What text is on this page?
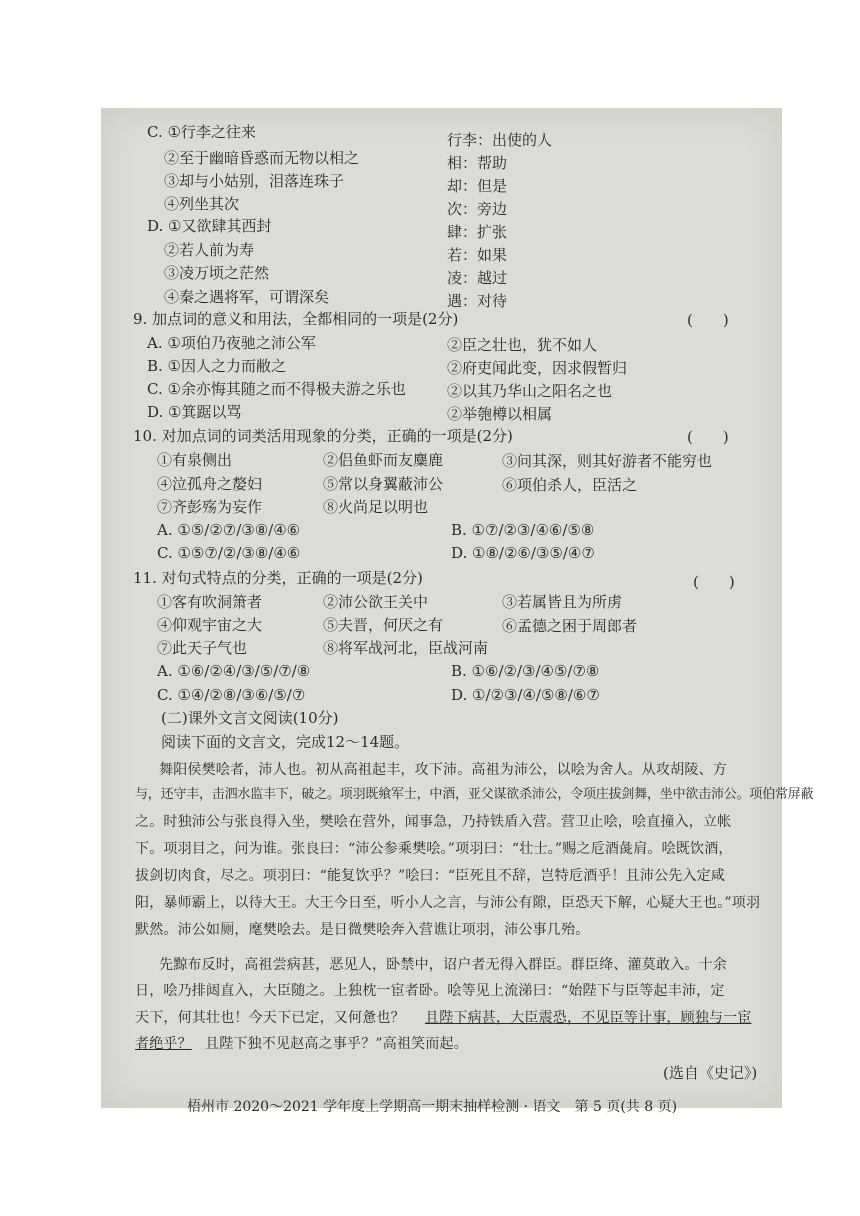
C. ①行李之往来	行李：出使的人
②至于幽暗昏惑而无物以相之	相：帮助
③却与小姑别，泪落连珠子	却：但是
④列坐其次	次：旁边
D. ①又欲肆其西封	肆：扩张
②若人前为寿	若：如果
③凌万顷之茫然	凌：越过
④秦之遇将军，可谓深矣	遇：对待
9. 加点词的意义和用法，全都相同的一项是(2分)	(　　)
A. ①项伯乃夜驰之沛公军	②臣之壮也，犹不如人
B. ①因人之力而敝之	②府吏闻此变，因求假暂归
C. ①余亦悔其随之而不得极夫游之乐也	②以其乃华山之阳名之也
D. ①箕踞以骂	②举匏樽以相属
10. 对加点词的词类活用现象的分类，正确的一项是(2分)	(　　)
①有泉侧出	②侣鱼虾而友麋鹿	③问其深，则其好游者不能穷也
④泣孤舟之嫠妇	⑤常以身翼蔽沛公	⑥项伯杀人，臣活之
⑦齐彭殇为妄作	⑧火尚足以明也
A. ①⑤/②⑦/③⑧/④⑥	B. ①⑦/②③/④⑥/⑤⑧
C. ①⑤⑦/②/③⑧/④⑥	D. ①⑧/②⑥/③⑤/④⑦
11. 对句式特点的分类，正确的一项是(2分)	(　　)
①客有吹洞箫者	②沛公欲王关中	③若属皆且为所虏
④仰观宇宙之大	⑤夫晋，何厌之有	⑥孟德之困于周郎者
⑦此天子气也	⑧将军战河北，臣战河南
A. ①⑥/②④/③/⑤/⑦/⑧	B. ①⑥/②/③/④⑤/⑦⑧
C. ①④/②⑧/③⑥/⑤/⑦	D. ①/②③/④/⑤⑧/⑥⑦
(二)课外文言文阅读(10分)
阅读下面的文言文，完成12～14题。
舞阳侯樊哙者，沛人也。初从高祖起丰，攻下沛。高祖为沛公，以哙为舍人。从攻胡陵、方
与，还守丰，击泗水监丰下，破之。项羽既飨军士，中酒，亚父谋欲杀沛公，令项庄拔剑舞，坐中欲击沛公。项伯常屏蔽
之。时独沛公与张良得入坐，樊哙在营外，闻事急，乃持铁盾入营。营卫止哙，哙直撞入，立帐
下。项羽目之，问为谁。张良曰：“沛公参乘樊哙。”项羽曰：“壮士。”赐之卮酒彘肩。哙既饮酒，
拔剑切肉食，尽之。项羽曰：“能复饮乎？”哙曰：“臣死且不辞，岂特卮酒乎！且沛公先入定咸
阳，暴师霸上，以待大王。大王今日至，听小人之言，与沛公有隙，臣恐天下解，心疑大王也。”项羽
默然。沛公如厕，麾樊哙去。是日微樊哙奔入营谯让项羽，沛公事几殆。
先黥布反时，高祖尝病甚，恶见人，卧禁中，诏户者无得入群臣。群臣绛、灌莫敢入。十余
日，哙乃排闼直入，大臣随之。上独枕一宦者卧。哙等见上流涕曰：“始陛下与臣等起丰沛，定
天下，何其壮也！今天下已定，又何惫也？ 且陛下病甚，大臣震恐，不见臣等计事，顾独与一宦
者绝乎？ 且陛下独不见赵高之事乎？”高祖笑而起。
(选自《史记》)
梧州市 2020～2021 学年度上学期高一期末抽样检测 · 语文　第 5 页(共 8 页)
